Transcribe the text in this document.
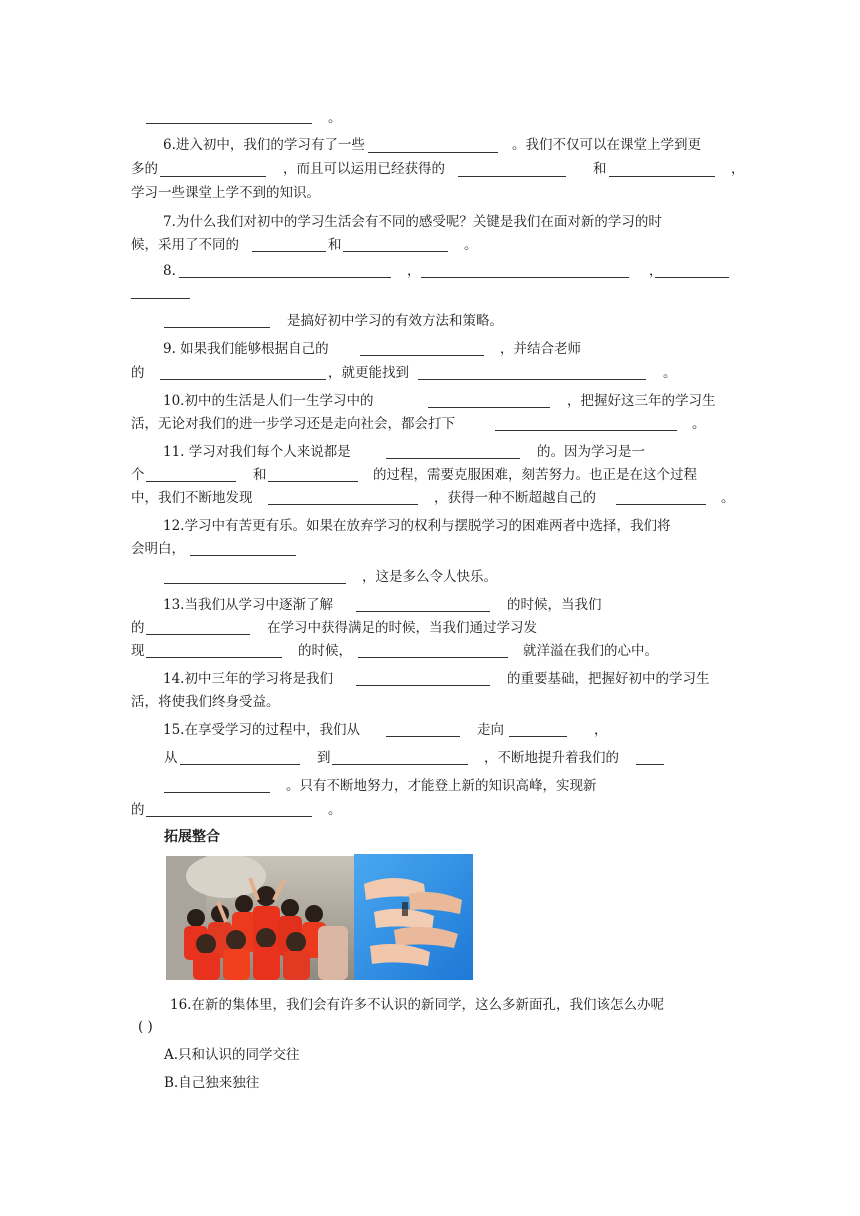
。
6.进入初中，我们的学习有了一些	。我们不仅可以在课堂上学到更
多的	，而且可以运用已经获得的	和	，
学习一些课堂上学不到的知识。
7.为什么我们对初中的学习生活会有不同的感受呢？关键是我们在面对新的学习的时
候，采用了不同的	和	。
8.	，	，
是搞好初中学习的有效方法和策略。
9. 如果我们能够根据自己的	，并结合老师
的	，就更能找到	。
10.初中的生活是人们一生学习中的	，把握好这三年的学习生
活，无论对我们的进一步学习还是走向社会，都会打下	。
11. 学习对我们每个人来说都是	的。因为学习是一
个	和	的过程，需要克服困难，刻苦努力。也正是在这个过程
中，我们不断地发现	，获得一种不断超越自己的	。
12.学习中有苦更有乐。如果在放弃学习的权利与摆脱学习的困难两者中选择，我们将
会明白，
，这是多么令人快乐。
13.当我们从学习中逐渐了解	的时候，当我们
的	在学习中获得满足的时候，当我们通过学习发
现	的时候，	就洋溢在我们的心中。
14.初中三年的学习将是我们	的重要基础，把握好初中的学习生
活，将使我们终身受益。
15.在享受学习的过程中，我们从	走向	，
从	到	，不断地提升着我们的
。只有不断地努力，才能登上新的知识高峰，实现新
的	。
拓展整合
16.在新的集体里，我们会有许多不认识的新同学，这么多新面孔，我们该怎么办呢
( )
A.只和认识的同学交往
B.自己独来独往
